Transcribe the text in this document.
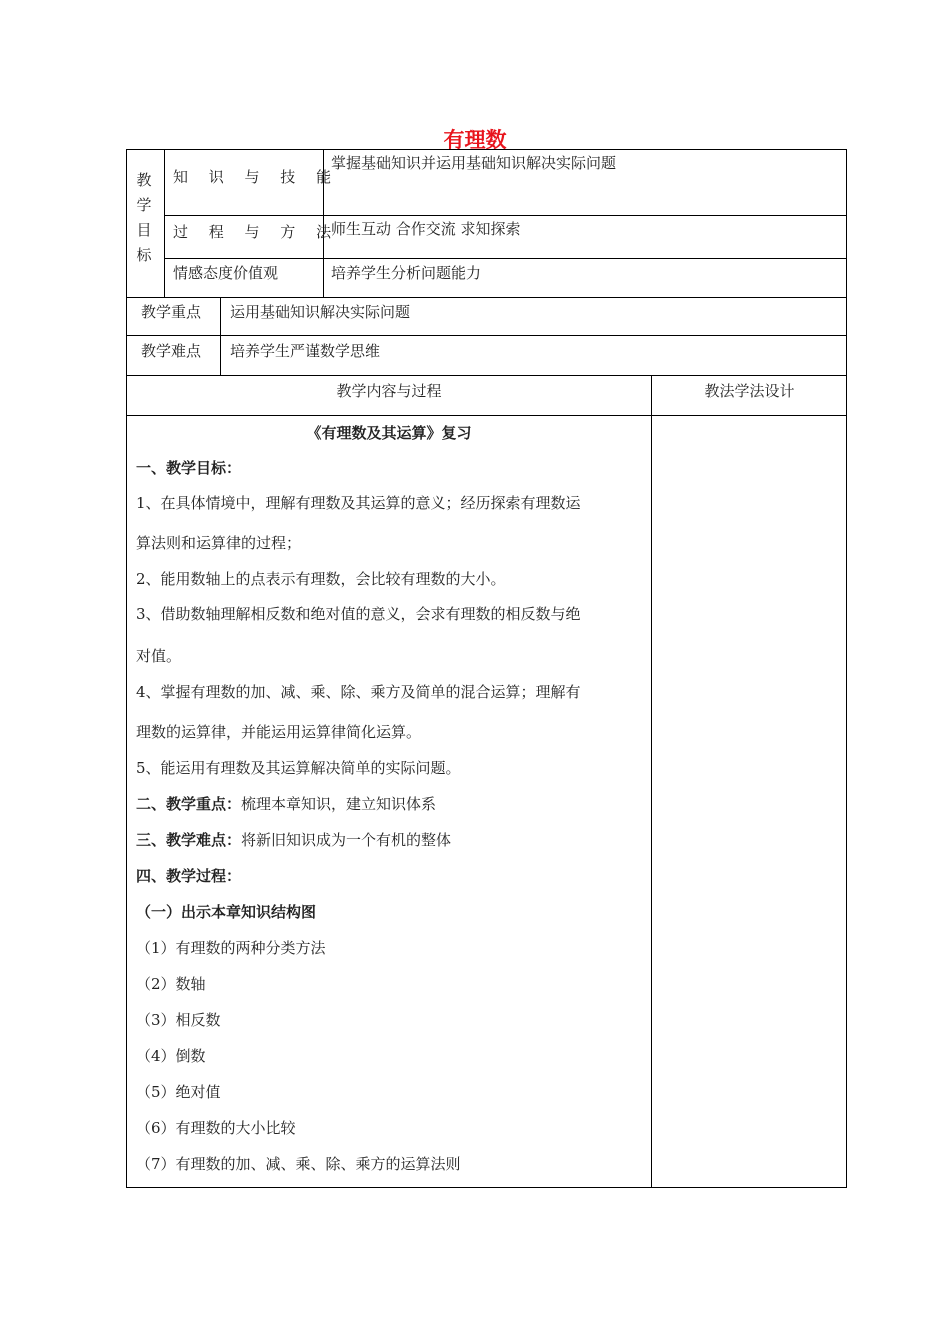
有理数
教
学
目
标
知 识 与 技 能
掌握基础知识并运用基础知识解决实际问题
过 程 与 方 法
师生互动 合作交流 求知探索
情感态度价值观	培养学生分析问题能力
教学重点 运用基础知识解决实际问题
教学难点 培养学生严谨数学思维
教学内容与过程	教法学法设计
《有理数及其运算》复习
一、教学目标：
1、在具体情境中，理解有理数及其运算的意义；经历探索有理数运
算法则和运算律的过程；
2、能用数轴上的点表示有理数，会比较有理数的大小。
3、借助数轴理解相反数和绝对值的意义，会求有理数的相反数与绝
对值。
4、掌握有理数的加、减、乘、除、乘方及简单的混合运算；理解有
理数的运算律，并能运用运算律简化运算。
5、能运用有理数及其运算解决简单的实际问题。
二、教学重点：梳理本章知识，建立知识体系
三、教学难点：将新旧知识成为一个有机的整体
四、教学过程：
（一）出示本章知识结构图
（1）有理数的两种分类方法
（2）数轴
（3）相反数
（4）倒数
（5）绝对值
（6）有理数的大小比较
（7）有理数的加、减、乘、除、乘方的运算法则
